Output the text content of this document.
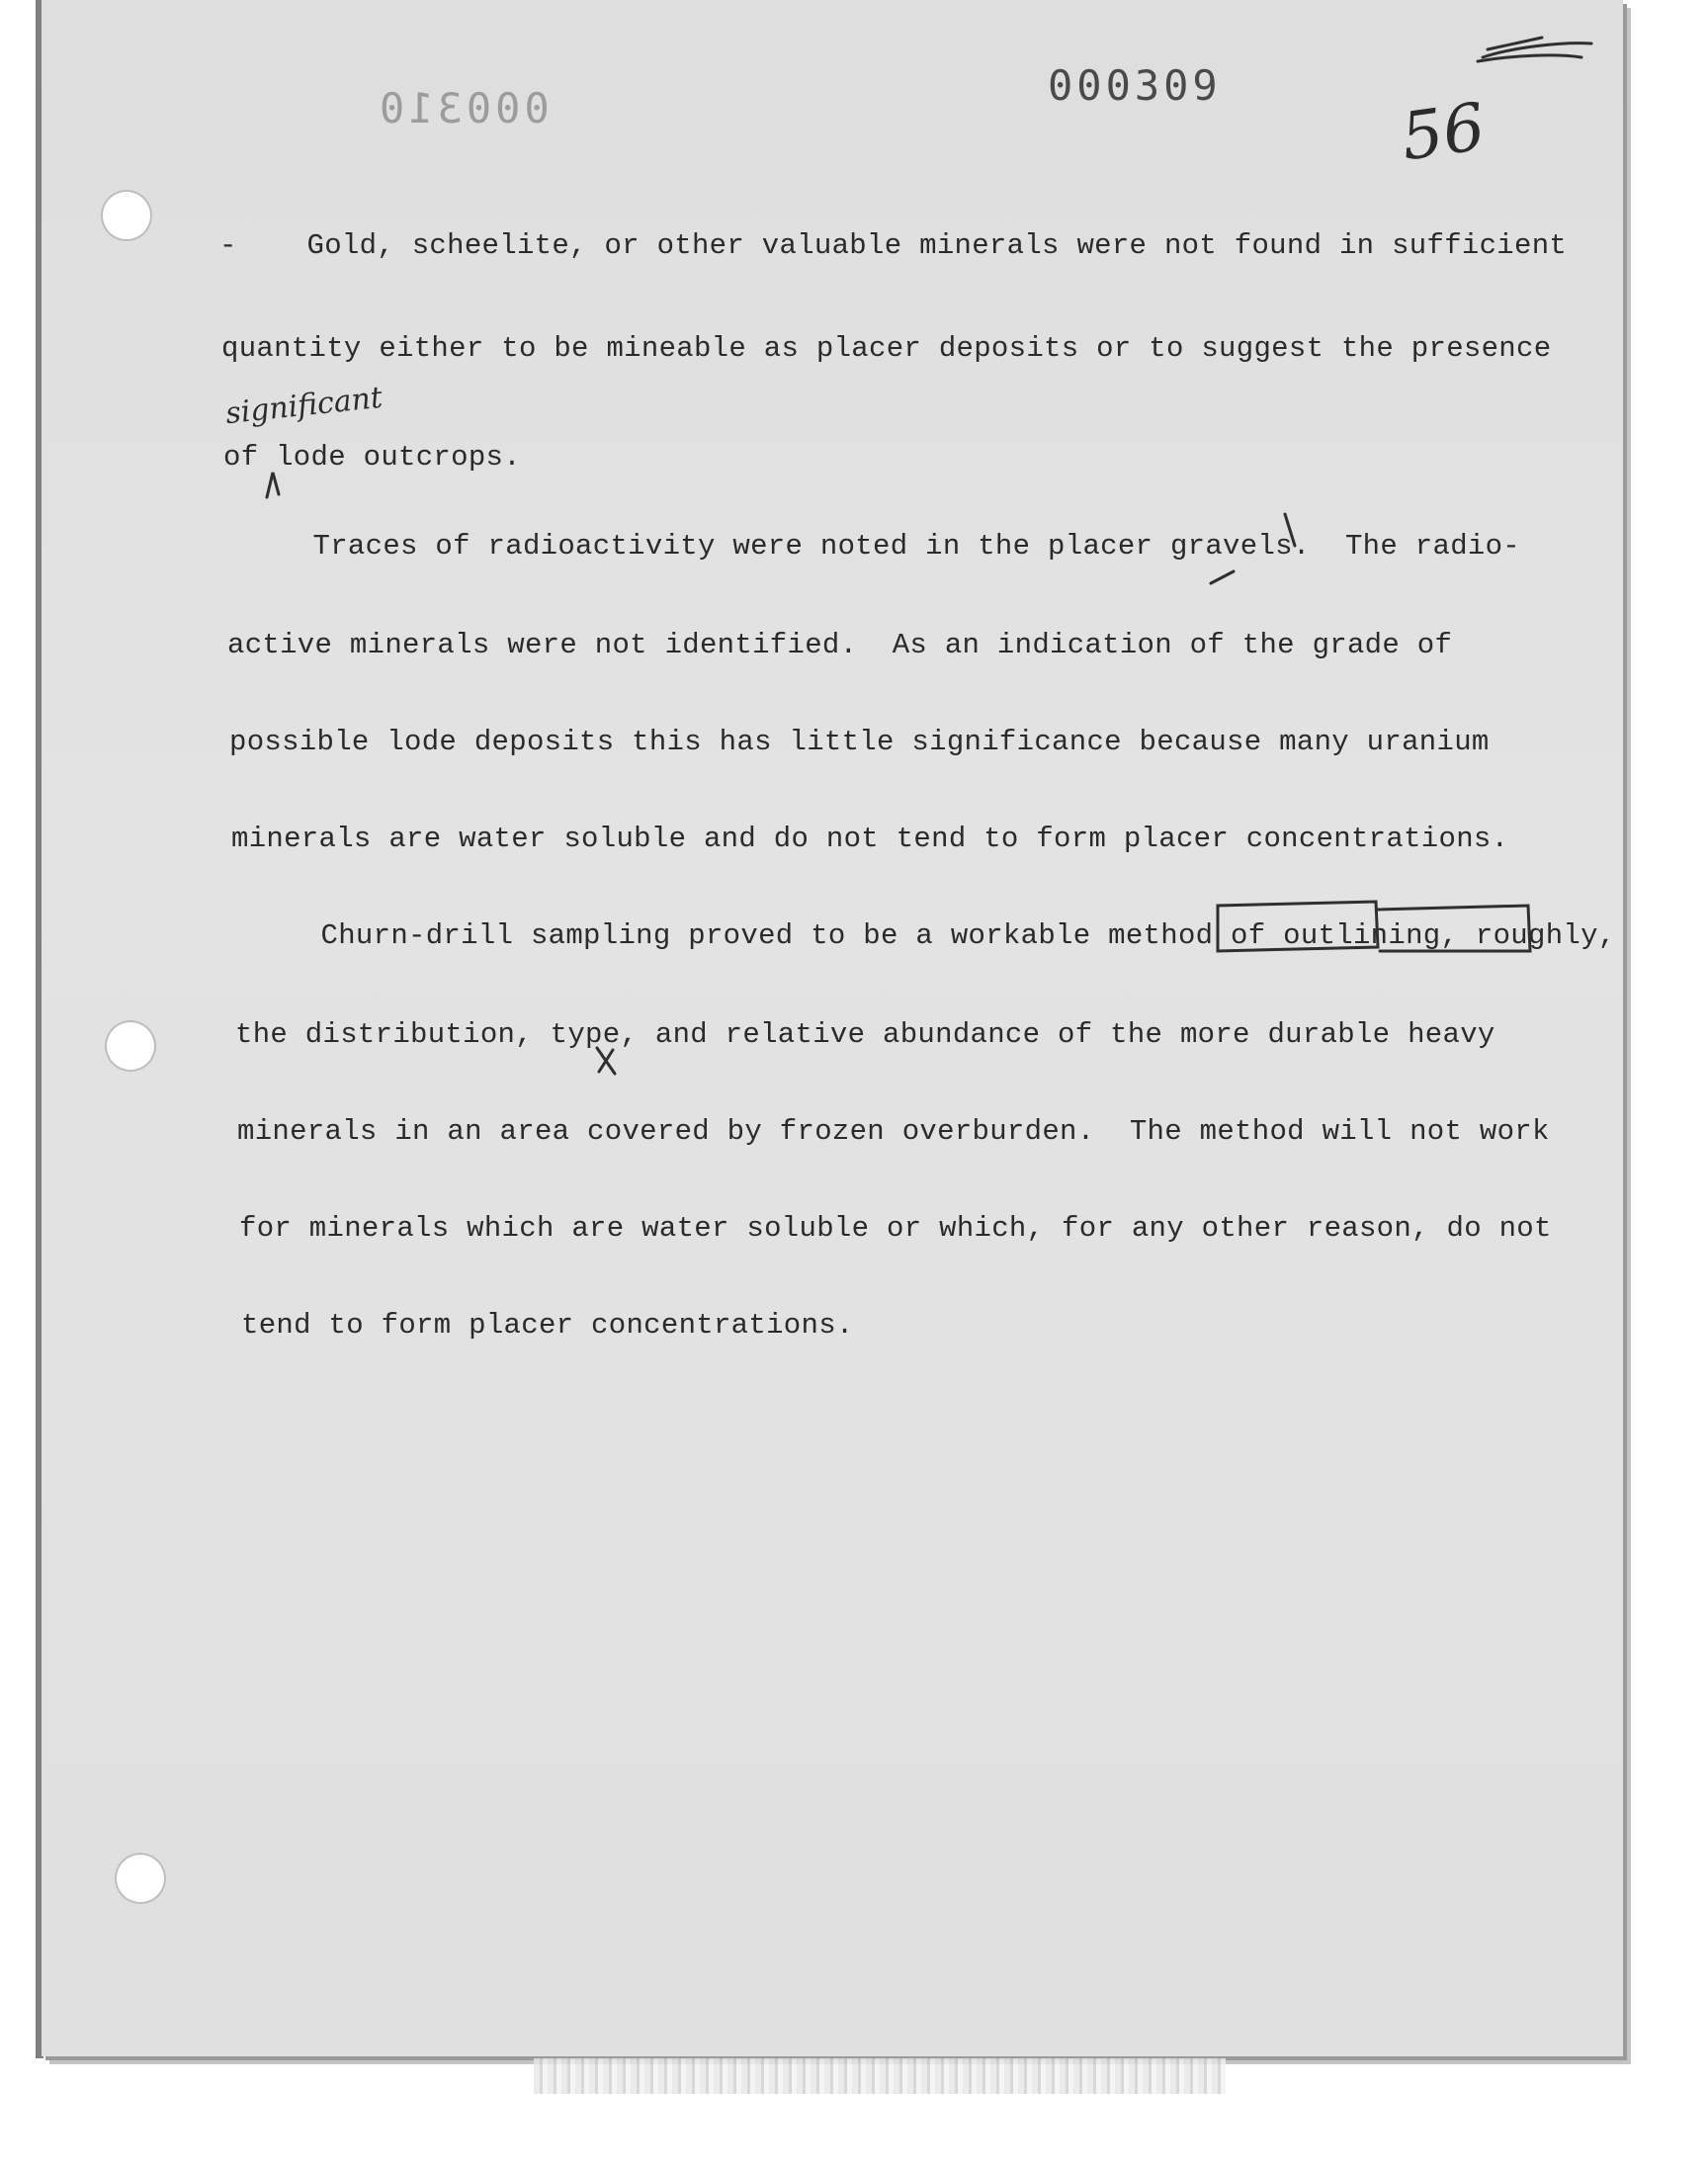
000310	000309
56
significant
-    Gold, scheelite, or other valuable minerals were not found in sufficient
quantity either to be mineable as placer deposits or to suggest the presence
of lode outcrops.
Traces of radioactivity were noted in the placer gravels.  The radio-
active minerals were not identified.  As an indication of the grade of
possible lode deposits this has little significance because many uranium
minerals are water soluble and do not tend to form placer concentrations.
Churn-drill sampling proved to be a workable method of outlining, roughly,
the distribution, type, and relative abundance of the more durable heavy
minerals in an area covered by frozen overburden.  The method will not work
for minerals which are water soluble or which, for any other reason, do not
tend to form placer concentrations.
